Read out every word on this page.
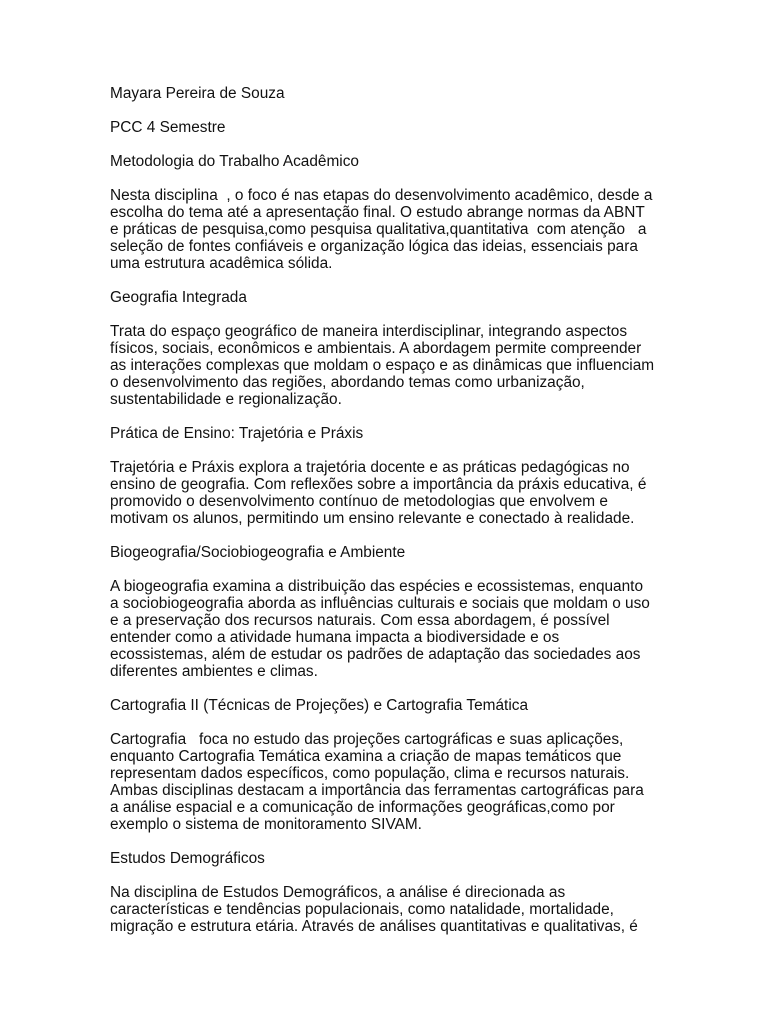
Mayara Pereira de Souza
PCC 4 Semestre
Metodologia do Trabalho Acadêmico
Nesta disciplina  , o foco é nas etapas do desenvolvimento acadêmico, desde a
escolha do tema até a apresentação final. O estudo abrange normas da ABNT
e práticas de pesquisa,como pesquisa qualitativa,quantitativa  com atenção   a
seleção de fontes confiáveis e organização lógica das ideias, essenciais para
uma estrutura acadêmica sólida.
Geografia Integrada
Trata do espaço geográfico de maneira interdisciplinar, integrando aspectos
físicos, sociais, econômicos e ambientais. A abordagem permite compreender
as interações complexas que moldam o espaço e as dinâmicas que influenciam
o desenvolvimento das regiões, abordando temas como urbanização,
sustentabilidade e regionalização.
Prática de Ensino: Trajetória e Práxis
Trajetória e Práxis explora a trajetória docente e as práticas pedagógicas no
ensino de geografia. Com reflexões sobre a importância da práxis educativa, é
promovido o desenvolvimento contínuo de metodologias que envolvem e
motivam os alunos, permitindo um ensino relevante e conectado à realidade.
Biogeografia/Sociobiogeografia e Ambiente
A biogeografia examina a distribuição das espécies e ecossistemas, enquanto
a sociobiogeografia aborda as influências culturais e sociais que moldam o uso
e a preservação dos recursos naturais. Com essa abordagem, é possível
entender como a atividade humana impacta a biodiversidade e os
ecossistemas, além de estudar os padrões de adaptação das sociedades aos
diferentes ambientes e climas.
Cartografia II (Técnicas de Projeções) e Cartografia Temática
Cartografia   foca no estudo das projeções cartográficas e suas aplicações,
enquanto Cartografia Temática examina a criação de mapas temáticos que
representam dados específicos, como população, clima e recursos naturais.
Ambas disciplinas destacam a importância das ferramentas cartográficas para
a análise espacial e a comunicação de informações geográficas,como por
exemplo o sistema de monitoramento SIVAM.
Estudos Demográficos
Na disciplina de Estudos Demográficos, a análise é direcionada as
características e tendências populacionais, como natalidade, mortalidade,
migração e estrutura etária. Através de análises quantitativas e qualitativas, é
